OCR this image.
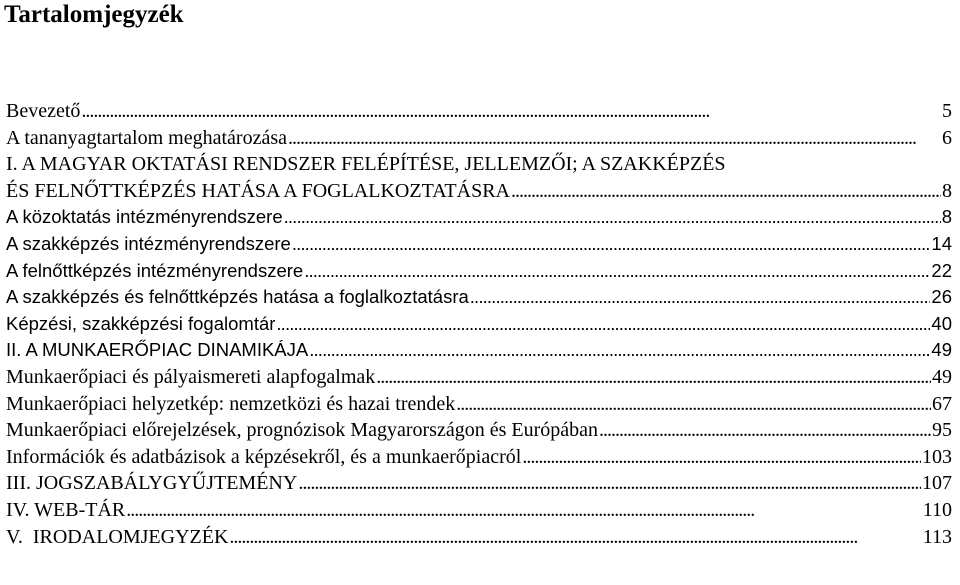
Tartalomjegyzék
Bevezető . . .	5
A tananyagtartalom meghatározása . . .	6
I. A MAGYAR OKTATÁSI RENDSZER FELÉPÍTÉSE, JELLEMZŐI; A SZAKKÉPZÉS
ÉS FELNŐTTKÉPZÉS HATÁSA A FOGLALKOZTATÁSRA . . .	8
A közoktatás intézményrendszere . . .	8
A szakképzés intézményrendszere . . .	14
A felnőttképzés intézményrendszere . . .	22
A szakképzés és felnőttképzés hatása a foglalkoztatásra . . .	26
Képzési, szakképzési fogalomtár . . .	40
II. A MUNKAERŐPIAC DINAMIKÁJA . . .	49
Munkaerőpiaci és pályaismereti alapfogalmak . . .	49
Munkaerőpiaci helyzetkép: nemzetközi és hazai trendek . . .	67
Munkaerőpiaci előrejelzések, prognózisok Magyarországon és Európában . . .	95
Információk és adatbázisok a képzésekről, és a munkaerőpiacról . . .	103
III. JOGSZABÁLYGYŰJTEMÉNY . . .	107
IV. WEB-TÁR . . .	110
V.  IRODALOMJEGYZÉK . . .	113
